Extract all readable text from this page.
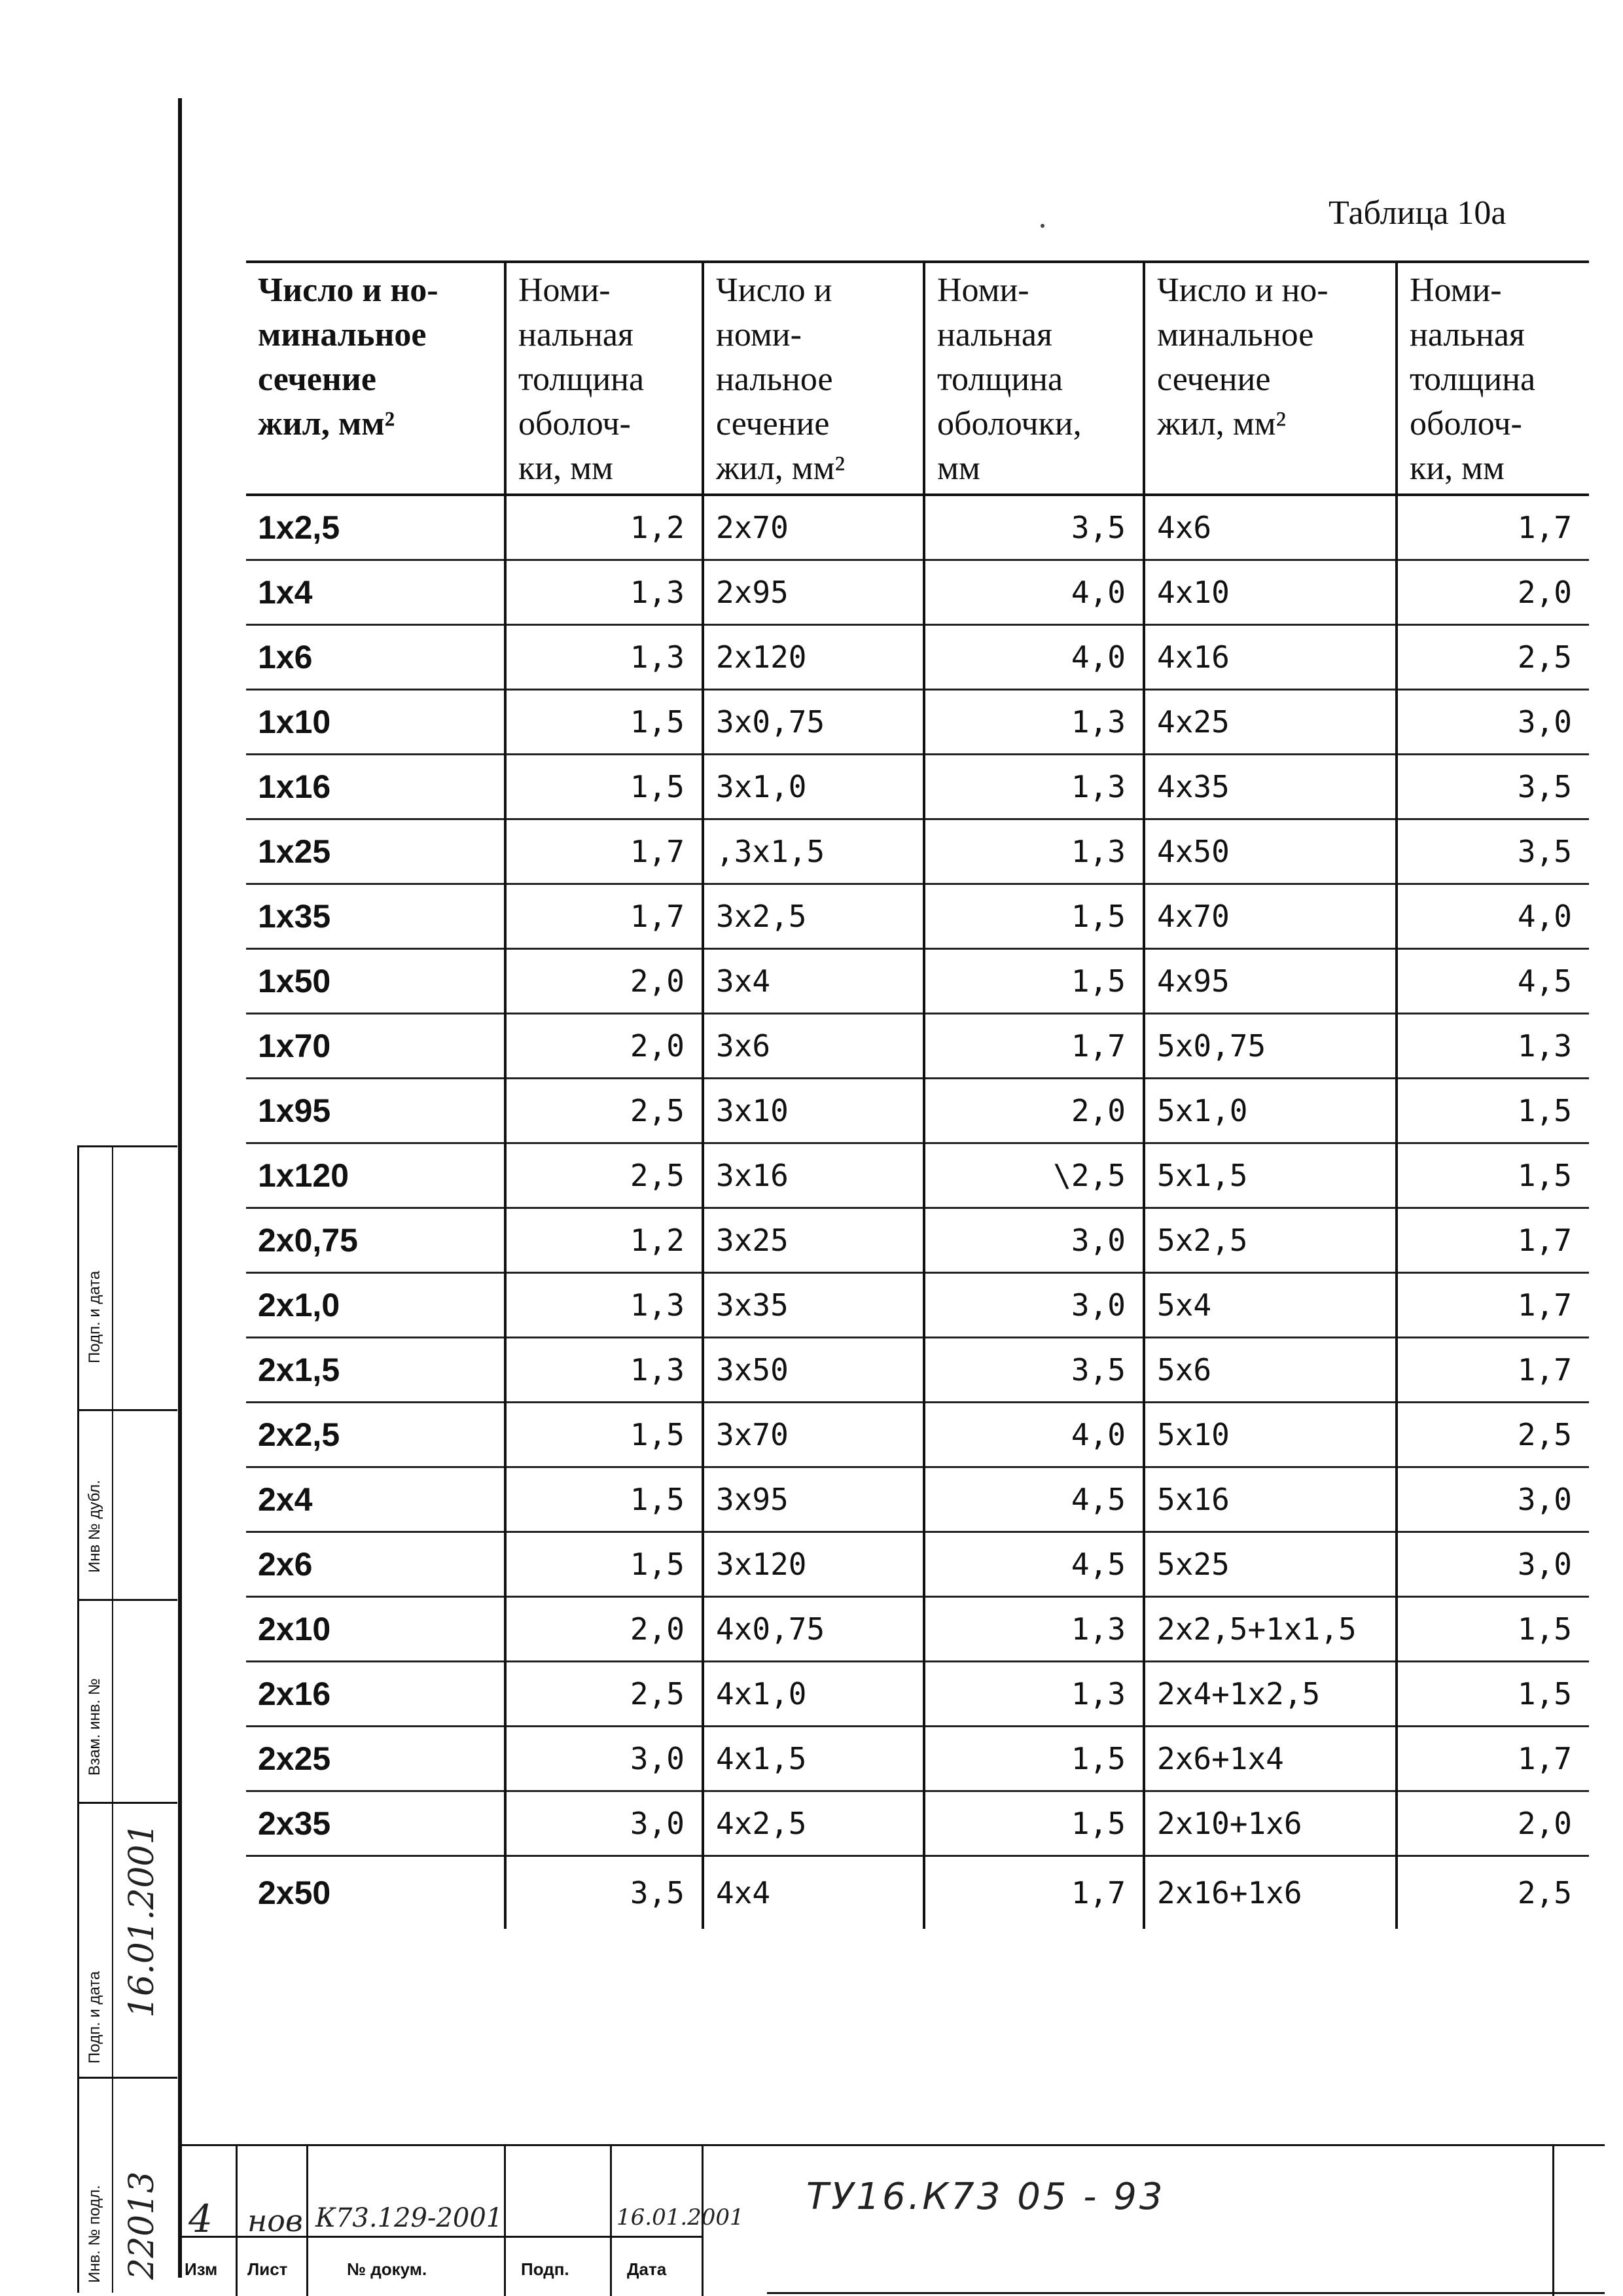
Таблица 10а
Число и но-
минальное
сечение
жил, мм²	Номи-
нальная
толщина
оболоч-
ки, мм	Число и
номи-
нальное
сечение
жил, мм²	Номи-
нальная
толщина
оболочки,
мм	Число и но-
минальное
сечение
жил, мм²	Номи-
нальная
толщина
оболоч-
ки, мм

1x2,5	1,2	2x70	3,5	4x6	1,7
1x4	1,3	2x95	4,0	4x10	2,0
1x6	1,3	2x120	4,0	4x16	2,5
1x10	1,5	3x0,75	1,3	4x25	3,0
1x16	1,5	3x1,0	1,3	4x35	3,5
1x25	1,7	,3x1,5	1,3	4x50	3,5
1x35	1,7	3x2,5	1,5	4x70	4,0
1x50	2,0	3x4	1,5	4x95	4,5
1x70	2,0	3x6	1,7	5x0,75	1,3
1x95	2,5	3x10	2,0	5x1,0	1,5
1x120	2,5	3x16	\2,5	5x1,5	1,5
2x0,75	1,2	3x25	3,0	5x2,5	1,7
2x1,0	1,3	3x35	3,0	5x4	1,7
2x1,5	1,3	3x50	3,5	5x6	1,7
2x2,5	1,5	3x70	4,0	5x10	2,5
2x4	1,5	3x95	4,5	5x16	3,0
2x6	1,5	3x120	4,5	5x25	3,0
2x10	2,0	4x0,75	1,3	2x2,5+1x1,5	1,5
2x16	2,5	4x1,0	1,3	2x4+1x2,5	1,5
2x25	3,0	4x1,5	1,5	2x6+1x4	1,7
2x35	3,0	4x2,5	1,5	2x10+1x6	2,0
2x50	3,5	4x4	1,7	2x16+1x6	2,5
Подп. и дата
Инв № дубл.
Взам. инв. №
Подп. и дата 16.01.2001
Инв. № подл. 22013 4 нов К73.129-2001	16.01.2001
Изм Лист	№ докум.	Подп.	Дата
ТУ16.К73 05 - 93
